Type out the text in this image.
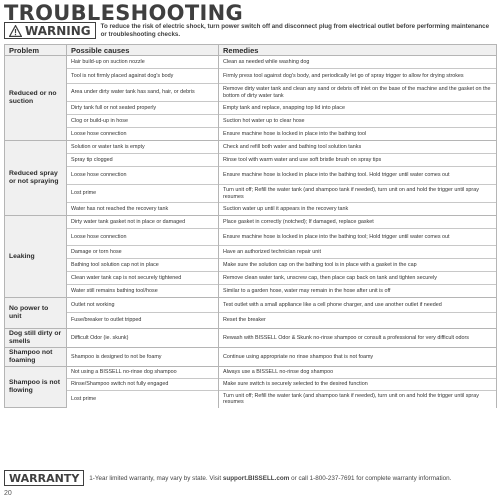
TROUBLESHOOTING
WARNING To reduce the risk of electric shock, turn power switch off and disconnect plug from electrical outlet before performing maintenance or troubleshooting checks.
Problem	Possible causes	Remedies
Reduced or no suction	Hair build-up on suction nozzle	Clean as needed while washing dog
	Tool is not firmly placed against dog's body	Firmly press tool against dog's body, and periodically let go of spray trigger to allow for drying strokes
	Area under dirty water tank has sand, hair, or debris	Remove dirty water tank and clean any sand or debris off inlet on the base of the machine and the gasket on the bottom of dirty water tank
	Dirty tank full or not seated properly	Empty tank and replace, snapping top lid into place
	Clog or build-up in hose	Suction hot water up to clear hose
	Loose hose connection	Ensure machine hose is locked in place into the bathing tool
Reduced spray or not spraying	Solution or water tank is empty	Check and refill both water and bathing tool solution tanks
	Spray tip clogged	Rinse tool with warm water and use soft bristle brush on spray tips
	Loose hose connection	Ensure machine hose is locked in place into the bathing tool. Hold trigger until water comes out
	Lost prime	Turn unit off; Refill the water tank (and shampoo tank if needed), turn unit on and hold the trigger until spray resumes
	Water has not reached the recovery tank	Suction water up until it appears in the recovery tank
Leaking	Dirty water tank gasket not in place or damaged	Place gasket in correctly (notched); If damaged, replace gasket
	Loose hose connection	Ensure machine hose is locked in place into the bathing tool; Hold trigger until water comes out
	Damage or torn hose	Have an authorized technician repair unit
	Bathing tool solution cap not in place	Make sure the solution cap on the bathing tool is in place with a gasket in the cap
	Clean water tank cap is not securely tightened	Remove clean water tank, unscrew cap, then place cap back on tank and tighten securely
	Water still remains bathing tool/hose	Similar to a garden hose, water may remain in the hose after unit is off
No power to unit	Outlet not working	Test outlet with a small appliance like a cell phone charger, and use another outlet if needed
	Fuse/breaker to outlet tripped	Reset the breaker
Dog still dirty or smells	Difficult Odor (ie. skunk)	Rewash with BISSELL Odor & Skunk no-rinse shampoo or consult a professional for very difficult odors
Shampoo not foaming	Shampoo is designed to not be foamy	Continue using appropriate no rinse shampoo that is not foamy
Shampoo is not flowing	Not using a BISSELL no-rinse dog shampoo	Always use a BISSELL no-rinse dog shampoo
	Rinse/Shampoo switch not fully engaged	Make sure switch is securely selected to the desired function
	Lost prime	Turn unit off; Refill the water tank (and shampoo tank if needed), turn unit on and hold the trigger until spray resumes
WARRANTY	1-Year limited warranty, may vary by state. Visit support.BISSELL.com or call 1-800-237-7691 for complete warranty information.
20
